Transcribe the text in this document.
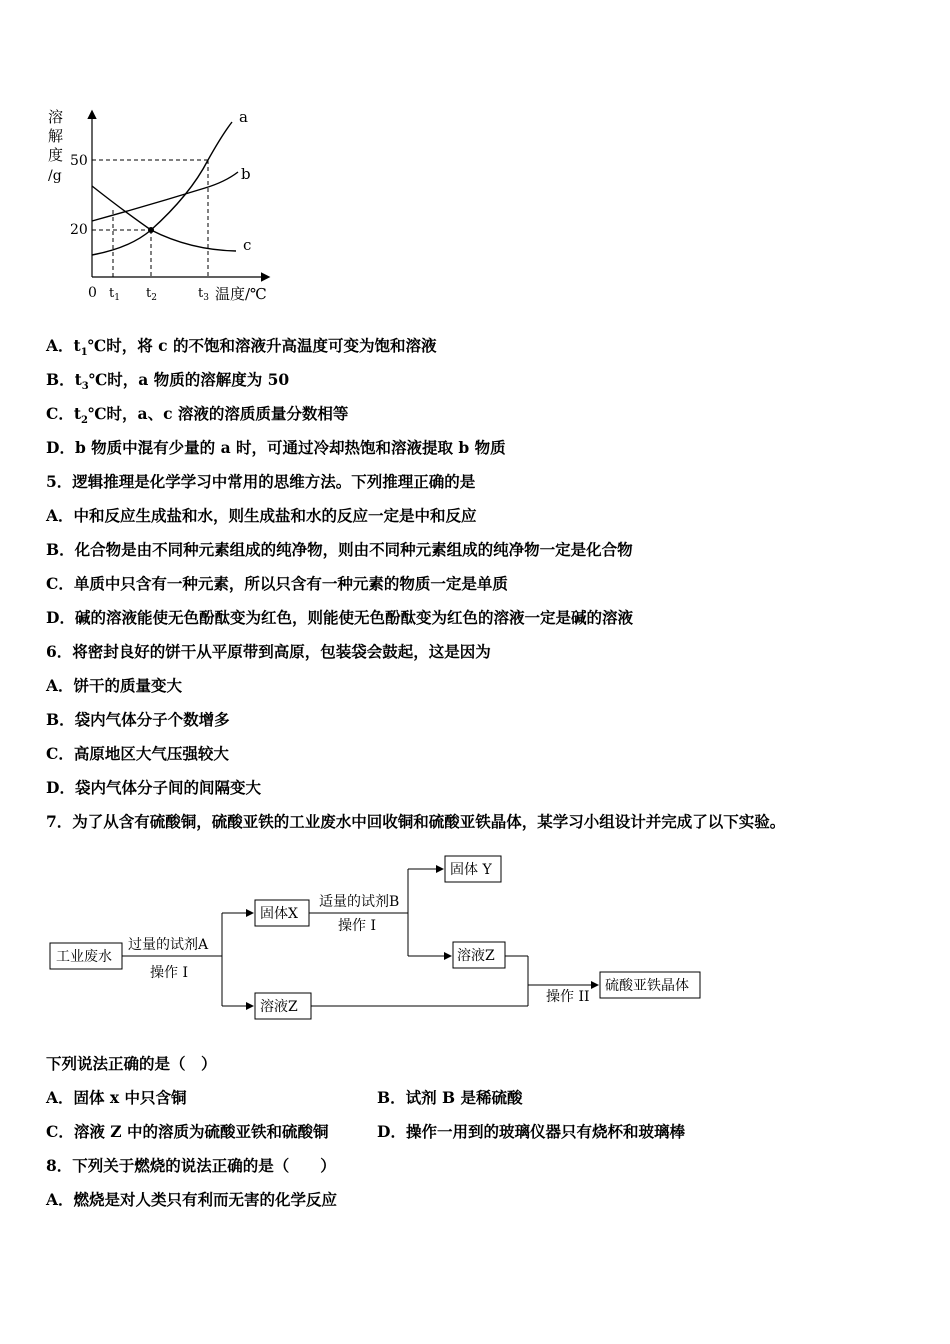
溶
解
度
/g
50
20
a
b
c
0 $t_1$ $t_2$	$t_3$ 温度/℃
A．$t_1℃$时，将 c 的不饱和溶液升高温度可变为饱和溶液
B．$t_3℃$时，a 物质的溶解度为 50
C．$t_2℃$时，a、c 溶液的溶质质量分数相等
D．b 物质中混有少量的 a 时，可通过冷却热饱和溶液提取 b 物质
5．逻辑推理是化学学习中常用的思维方法。下列推理正确的是
A．中和反应生成盐和水，则生成盐和水的反应一定是中和反应
B．化合物是由不同种元素组成的纯净物，则由不同种元素组成的纯净物一定是化合物
C．单质中只含有一种元素，所以只含有一种元素的物质一定是单质
D．碱的溶液能使无色酚酞变为红色，则能使无色酚酞变为红色的溶液一定是碱的溶液
6．将密封良好的饼干从平原带到高原，包装袋会鼓起，这是因为
A．饼干的质量变大
B．袋内气体分子个数增多
C．高原地区大气压强较大
D．袋内气体分子间的间隔变大
7．为了从含有硫酸铜，硫酸亚铁的工业废水中回收铜和硫酸亚铁晶体，某学习小组设计并完成了以下实验。
工业废水
过量的试剂A
操作 I
固体X
溶液Z
适量的试剂B
操作 I
固体 Y
溶液Z
操作 II
硫酸亚铁晶体
下列说法正确的是（　）
A．固体 x 中只含铜	B．试剂 B 是稀硫酸
C．溶液 Z 中的溶质为硫酸亚铁和硫酸铜	D．操作一用到的玻璃仪器只有烧杯和玻璃棒
8．下列关于燃烧的说法正确的是（　　）
A．燃烧是对人类只有利而无害的化学反应
